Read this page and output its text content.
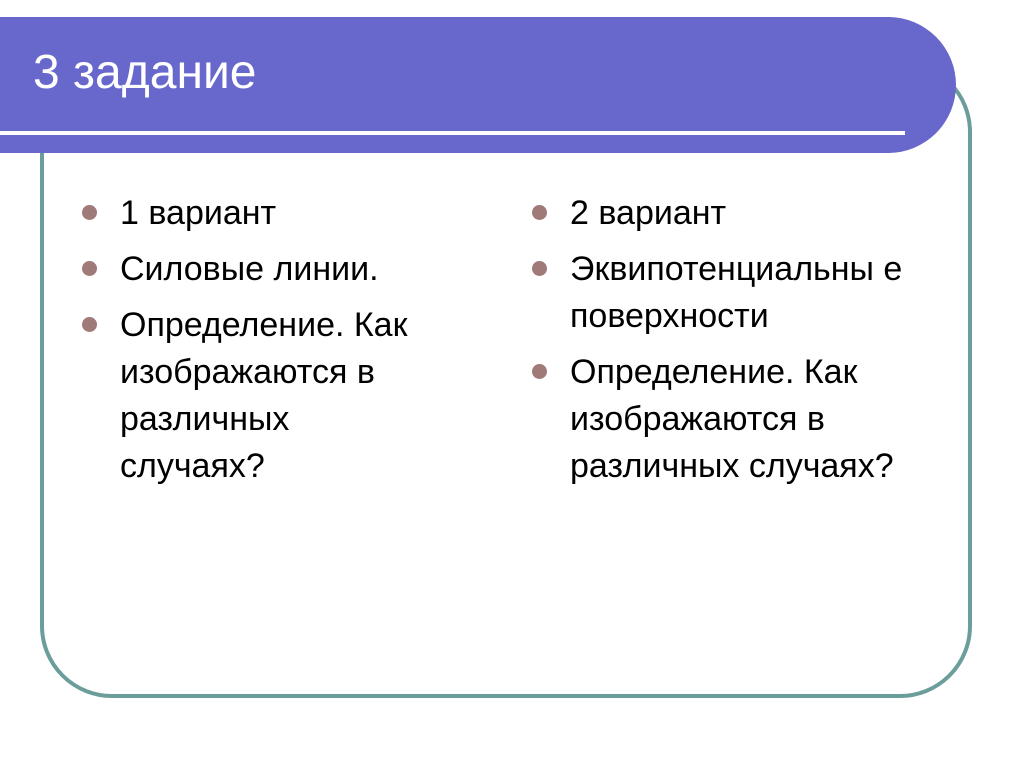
3 задание
1 вариант
Силовые линии.
Определение. Как изображаются в различных случаях?
2 вариант
Эквипотенциальны е поверхности
Определение. Как изображаются в различных случаях?
